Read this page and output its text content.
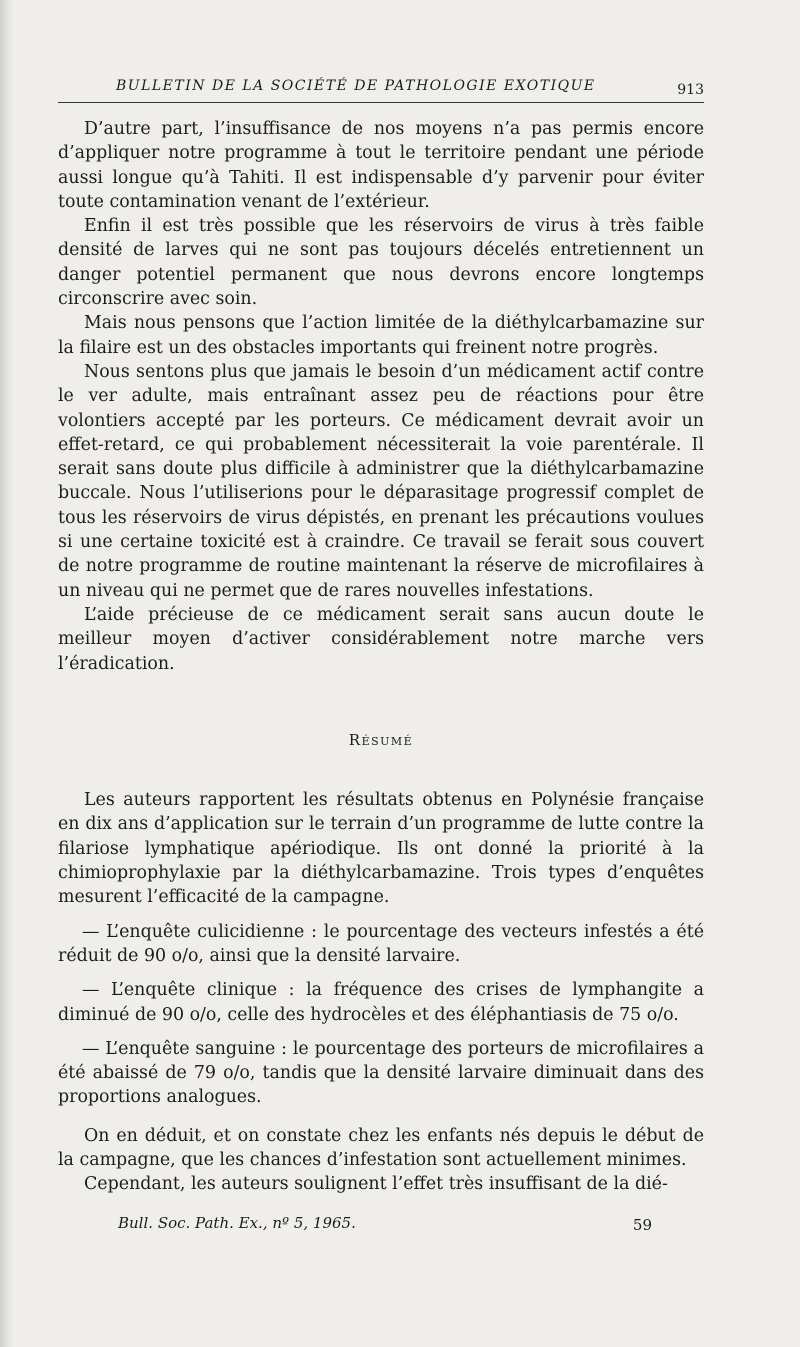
BULLETIN DE LA SOCIÉTÉ DE PATHOLOGIE EXOTIQUE	913

D’autre part, l’insuffisance de nos moyens n’a pas permis encore d’appliquer notre programme à tout le territoire pendant une période aussi longue qu’à Tahiti. Il est indispensable d’y parvenir pour éviter toute contamination venant de l’extérieur.

Enfin il est très possible que les réservoirs de virus à très faible densité de larves qui ne sont pas toujours décelés entretiennent un danger potentiel permanent que nous devrons encore longtemps circonscrire avec soin.

Mais nous pensons que l’action limitée de la diéthylcarbamazine sur la filaire est un des obstacles importants qui freinent notre progrès.

Nous sentons plus que jamais le besoin d’un médicament actif contre le ver adulte, mais entraînant assez peu de réactions pour être volontiers accepté par les porteurs. Ce médicament devrait avoir un effet-retard, ce qui probablement nécessiterait la voie parentérale. Il serait sans doute plus difficile à administrer que la diéthylcarbamazine buccale. Nous l’utiliserions pour le déparasitage progressif complet de tous les réservoirs de virus dépistés, en prenant les précautions voulues si une certaine toxicité est à craindre. Ce travail se ferait sous couvert de notre programme de routine maintenant la réserve de microfilaires à un niveau qui ne permet que de rares nouvelles infestations.

L’aide précieuse de ce médicament serait sans aucun doute le meilleur moyen d’activer considérablement notre marche vers l’éradication.

Résumé

Les auteurs rapportent les résultats obtenus en Polynésie française en dix ans d’application sur le terrain d’un programme de lutte contre la filariose lymphatique apériodique. Ils ont donné la priorité à la chimioprophylaxie par la diéthylcarbamazine. Trois types d’enquêtes mesurent l’efficacité de la campagne.

— L’enquête culicidienne : le pourcentage des vecteurs infestés a été réduit de 90 o/o, ainsi que la densité larvaire.

— L’enquête clinique : la fréquence des crises de lymphangite a diminué de 90 o/o, celle des hydrocèles et des éléphantiasis de 75 o/o.

— L’enquête sanguine : le pourcentage des porteurs de microfilaires a été abaissé de 79 o/o, tandis que la densité larvaire diminuait dans des proportions analogues.

On en déduit, et on constate chez les enfants nés depuis le début de la campagne, que les chances d’infestation sont actuellement minimes.

Cependant, les auteurs soulignent l’effet très insuffisant de la dié-

Bull. Soc. Path. Ex., nº 5, 1965.	59
